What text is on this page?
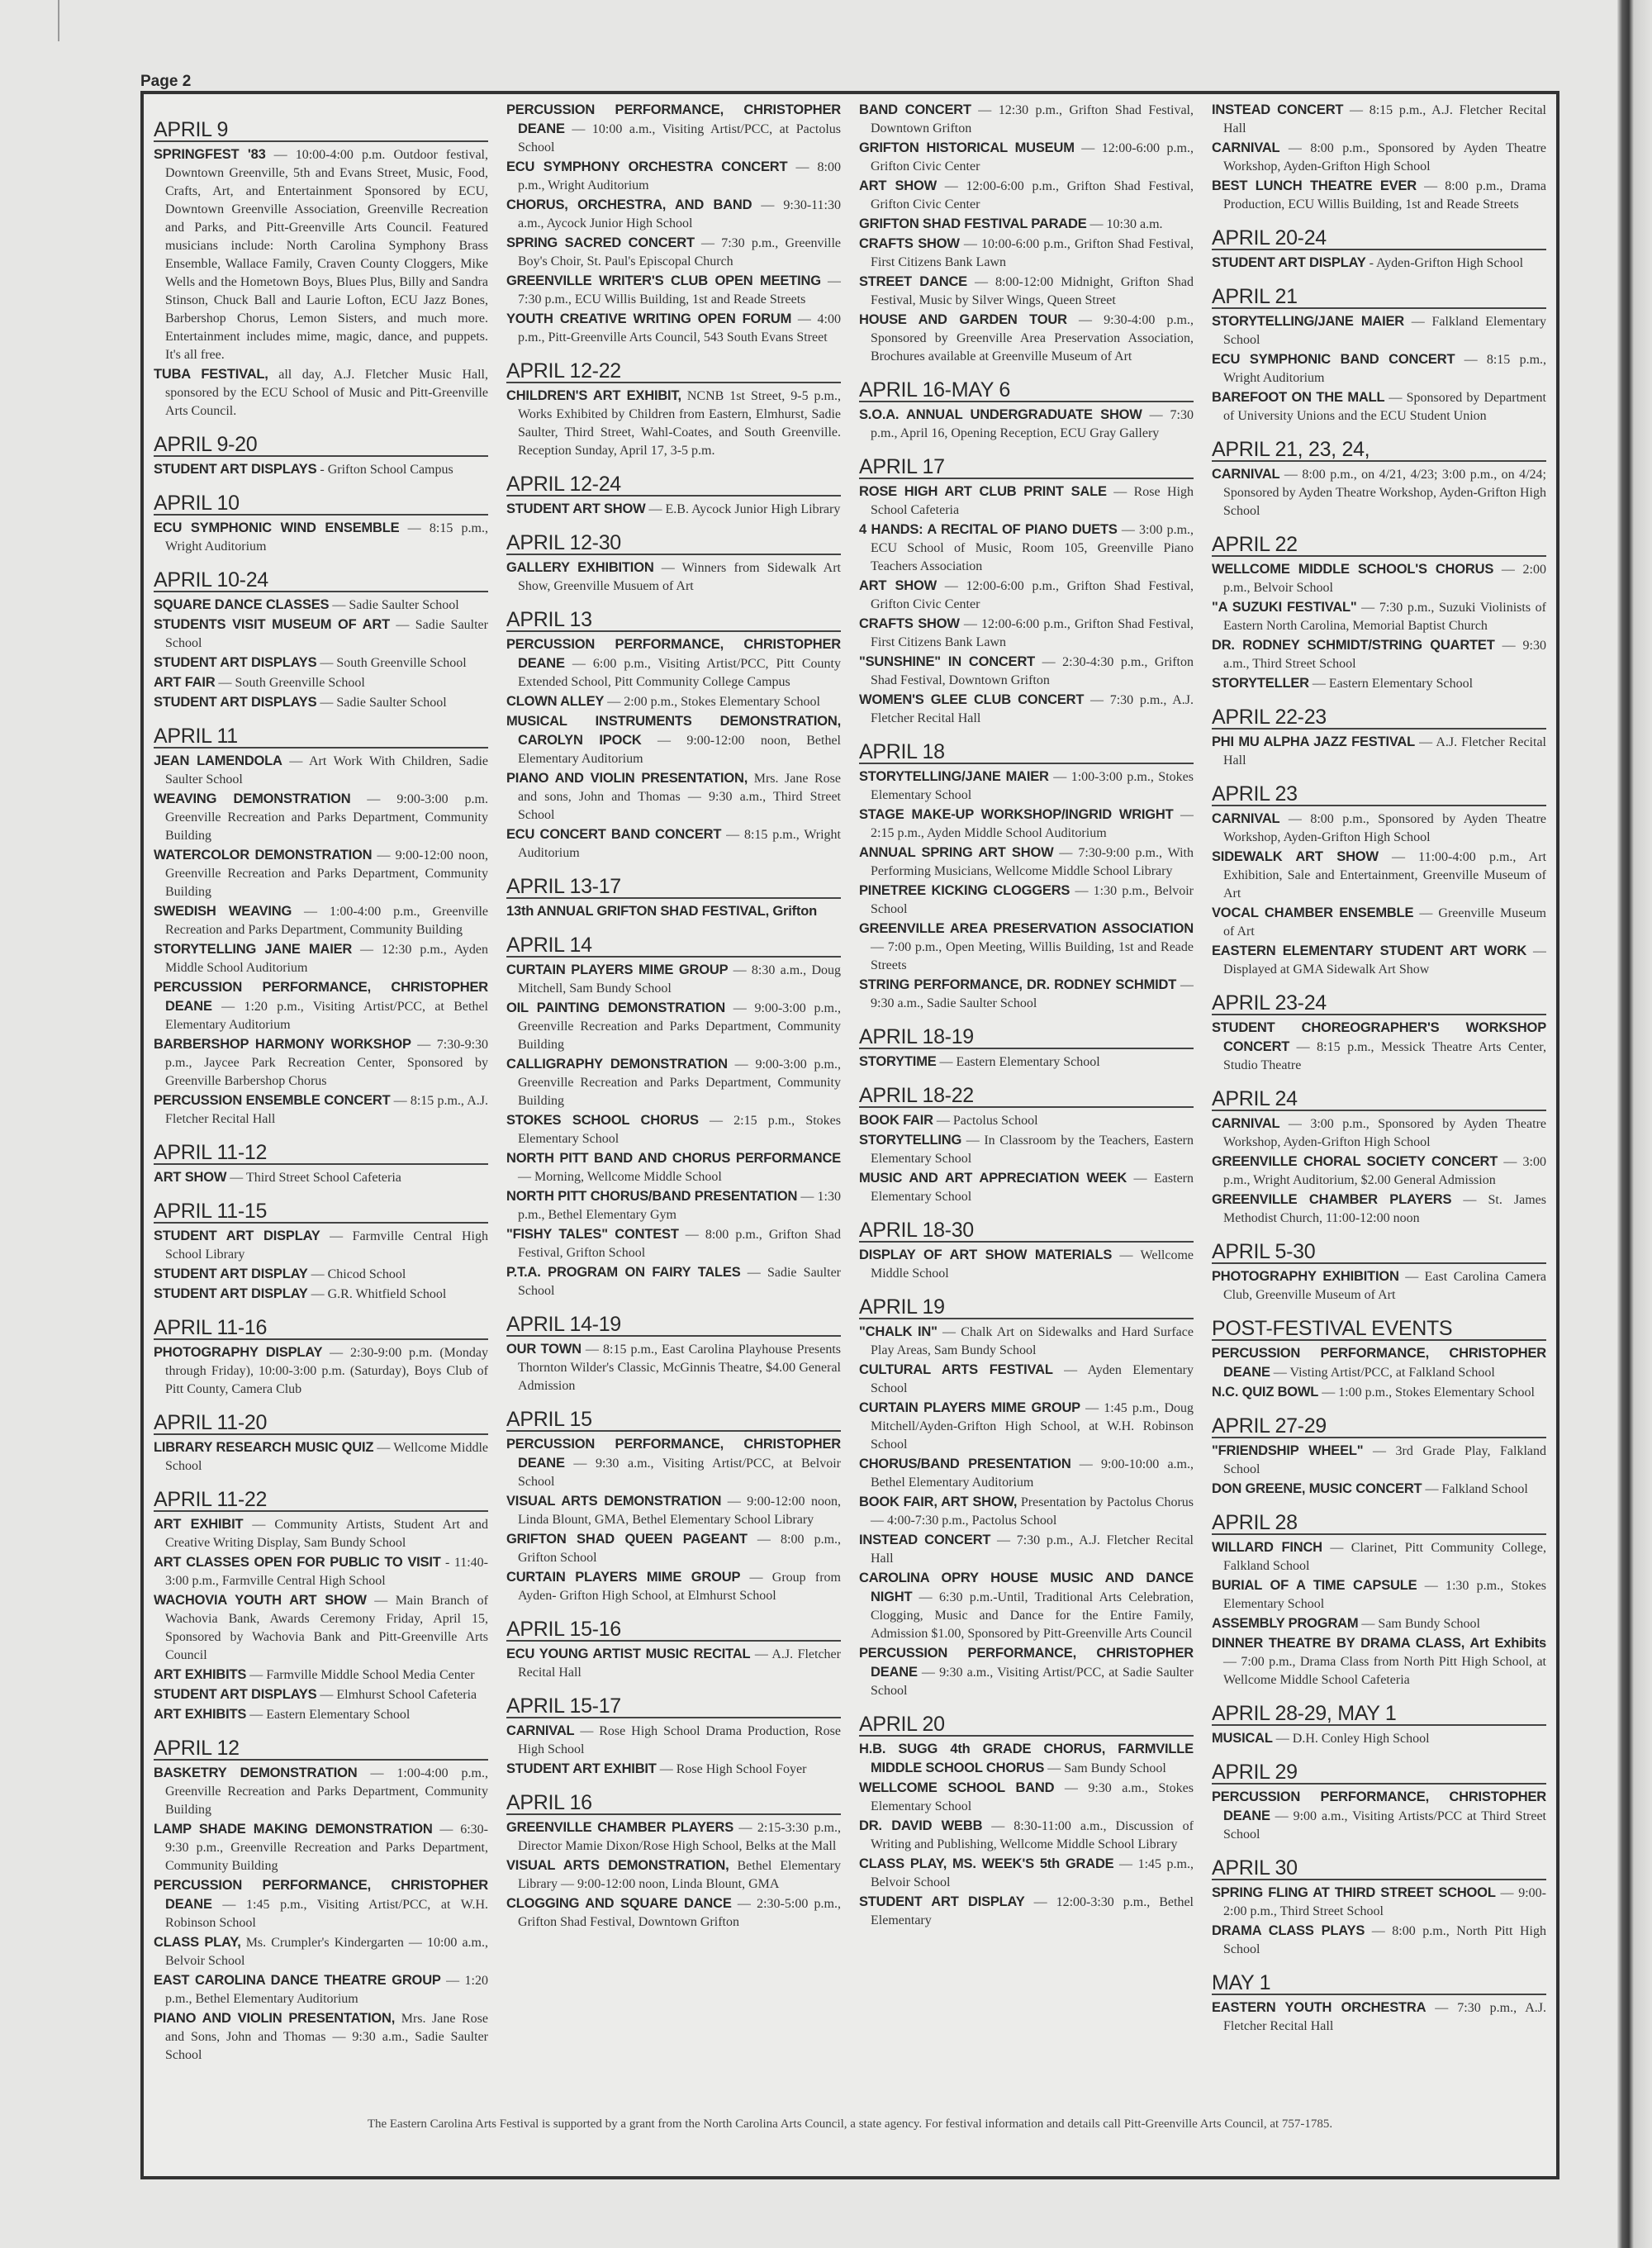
Page 2
APRIL 9

SPRINGFEST '83 — 10:00-4:00 p.m. Outdoor festival, Downtown Greenville, 5th and Evans Street, Music, Food, Crafts, Art, and Entertainment Sponsored by ECU, Downtown Greenville Association, Greenville Recreation and Parks, and Pitt-Greenville Arts Council. Featured musicians include: North Carolina Symphony Brass Ensemble, Wallace Family, Craven County Cloggers, Mike Wells and the Hometown Boys, Blues Plus, Billy and Sandra Stinson, Chuck Ball and Laurie Lofton, ECU Jazz Bones, Barbershop Chorus, Lemon Sisters, and much more. Entertainment includes mime, magic, dance, and puppets. It's all free.

TUBA FESTIVAL, all day, A.J. Fletcher Music Hall, sponsored by the ECU School of Music and Pitt-Greenville Arts Council.

APRIL 9-20

STUDENT ART DISPLAYS - Grifton School Campus

APRIL 10

ECU SYMPHONIC WIND ENSEMBLE — 8:15 p.m., Wright Auditorium

APRIL 10-24

SQUARE DANCE CLASSES — Sadie Saulter School

STUDENTS VISIT MUSEUM OF ART — Sadie Saulter School

STUDENT ART DISPLAYS — South Greenville School

ART FAIR — South Greenville School

STUDENT ART DISPLAYS — Sadie Saulter School

APRIL 11

JEAN LAMENDOLA — Art Work With Children, Sadie Saulter School

WEAVING DEMONSTRATION — 9:00-3:00 p.m. Greenville Recreation and Parks Department, Community Building

WATERCOLOR DEMONSTRATION — 9:00-12:00 noon, Greenville Recreation and Parks Department, Community Building

SWEDISH WEAVING — 1:00-4:00 p.m., Greenville Recreation and Parks Department, Community Building

STORYTELLING JANE MAIER — 12:30 p.m., Ayden Middle School Auditorium

PERCUSSION PERFORMANCE, CHRISTOPHER DEANE — 1:20 p.m., Visiting Artist/PCC, at Bethel Elementary Auditorium

BARBERSHOP HARMONY WORKSHOP — 7:30-9:30 p.m., Jaycee Park Recreation Center, Sponsored by Greenville Barbershop Chorus

PERCUSSION ENSEMBLE CONCERT — 8:15 p.m., A.J. Fletcher Recital Hall

APRIL 11-12

ART SHOW — Third Street School Cafeteria

APRIL 11-15

STUDENT ART DISPLAY — Farmville Central High School Library

STUDENT ART DISPLAY — Chicod School

STUDENT ART DISPLAY — G.R. Whitfield School

APRIL 11-16

PHOTOGRAPHY DISPLAY — 2:30-9:00 p.m. (Monday through Friday), 10:00-3:00 p.m. (Saturday), Boys Club of Pitt County, Camera Club

APRIL 11-20

LIBRARY RESEARCH MUSIC QUIZ — Wellcome Middle School

APRIL 11-22

ART EXHIBIT — Community Artists, Student Art and Creative Writing Display, Sam Bundy School

ART CLASSES OPEN FOR PUBLIC TO VISIT - 11:40-3:00 p.m., Farmville Central High School

WACHOVIA YOUTH ART SHOW — Main Branch of Wachovia Bank, Awards Ceremony Friday, April 15, Sponsored by Wachovia Bank and Pitt-Greenville Arts Council

ART EXHIBITS — Farmville Middle School Media Center

STUDENT ART DISPLAYS — Elmhurst School Cafeteria

ART EXHIBITS — Eastern Elementary School

APRIL 12

BASKETRY DEMONSTRATION — 1:00-4:00 p.m., Greenville Recreation and Parks Department, Community Building

LAMP SHADE MAKING DEMONSTRATION — 6:30-9:30 p.m., Greenville Recreation and Parks Department, Community Building

PERCUSSION PERFORMANCE, CHRISTOPHER DEANE — 1:45 p.m., Visiting Artist/PCC, at W.H. Robinson School

CLASS PLAY, Ms. Crumpler's Kindergarten — 10:00 a.m., Belvoir School

EAST CAROLINA DANCE THEATRE GROUP — 1:20 p.m., Bethel Elementary Auditorium

PIANO AND VIOLIN PRESENTATION, Mrs. Jane Rose and Sons, John and Thomas — 9:30 a.m., Sadie Saulter School

PERCUSSION PERFORMANCE, CHRISTOPHER DEANE — 10:00 a.m., Visiting Artist/PCC, at Pactolus School

ECU SYMPHONY ORCHESTRA CONCERT — 8:00 p.m., Wright Auditorium

CHORUS, ORCHESTRA, AND BAND — 9:30-11:30 a.m., Aycock Junior High School

SPRING SACRED CONCERT — 7:30 p.m., Greenville Boy's Choir, St. Paul's Episcopal Church

GREENVILLE WRITER'S CLUB OPEN MEETING — 7:30 p.m., ECU Willis Building, 1st and Reade Streets

YOUTH CREATIVE WRITING OPEN FORUM — 4:00 p.m., Pitt-Greenville Arts Council, 543 South Evans Street

APRIL 12-22

CHILDREN'S ART EXHIBIT, NCNB 1st Street, 9-5 p.m., Works Exhibited by Children from Eastern, Elmhurst, Sadie Saulter, Third Street, Wahl-Coates, and South Greenville. Reception Sunday, April 17, 3-5 p.m.

APRIL 12-24

STUDENT ART SHOW — E.B. Aycock Junior High Library

APRIL 12-30

GALLERY EXHIBITION — Winners from Sidewalk Art Show, Greenville Musuem of Art

APRIL 13

PERCUSSION PERFORMANCE, CHRISTOPHER DEANE — 6:00 p.m., Visiting Artist/PCC, Pitt County Extended School, Pitt Community College Campus

CLOWN ALLEY — 2:00 p.m., Stokes Elementary School

MUSICAL INSTRUMENTS DEMONSTRATION, CAROLYN IPOCK — 9:00-12:00 noon, Bethel Elementary Auditorium

PIANO AND VIOLIN PRESENTATION, Mrs. Jane Rose and sons, John and Thomas — 9:30 a.m., Third Street School

ECU CONCERT BAND CONCERT — 8:15 p.m., Wright Auditorium

APRIL 13-17

13th ANNUAL GRIFTON SHAD FESTIVAL, Grifton

APRIL 14

CURTAIN PLAYERS MIME GROUP — 8:30 a.m., Doug Mitchell, Sam Bundy School

OIL PAINTING DEMONSTRATION — 9:00-3:00 p.m., Greenville Recreation and Parks Department, Community Building

CALLIGRAPHY DEMONSTRATION — 9:00-3:00 p.m., Greenville Recreation and Parks Department, Community Building

STOKES SCHOOL CHORUS — 2:15 p.m., Stokes Elementary School

NORTH PITT BAND AND CHORUS PERFORMANCE — Morning, Wellcome Middle School

NORTH PITT CHORUS/BAND PRESENTATION — 1:30 p.m., Bethel Elementary Gym

"FISHY TALES" CONTEST — 8:00 p.m., Grifton Shad Festival, Grifton School

P.T.A. PROGRAM ON FAIRY TALES — Sadie Saulter School

APRIL 14-19

OUR TOWN — 8:15 p.m., East Carolina Playhouse Presents Thornton Wilder's Classic, McGinnis Theatre, $4.00 General Admission

APRIL 15

PERCUSSION PERFORMANCE, CHRISTOPHER DEANE — 9:30 a.m., Visiting Artist/PCC, at Belvoir School

VISUAL ARTS DEMONSTRATION — 9:00-12:00 noon, Linda Blount, GMA, Bethel Elementary School Library

GRIFTON SHAD QUEEN PAGEANT — 8:00 p.m., Grifton School

CURTAIN PLAYERS MIME GROUP — Group from Ayden- Grifton High School, at Elmhurst School

APRIL 15-16

ECU YOUNG ARTIST MUSIC RECITAL — A.J. Fletcher Recital Hall

APRIL 15-17

CARNIVAL — Rose High School Drama Production, Rose High School

STUDENT ART EXHIBIT — Rose High School Foyer

APRIL 16

GREENVILLE CHAMBER PLAYERS — 2:15-3:30 p.m., Director Mamie Dixon/Rose High School, Belks at the Mall

VISUAL ARTS DEMONSTRATION, Bethel Elementary Library — 9:00-12:00 noon, Linda Blount, GMA

CLOGGING AND SQUARE DANCE — 2:30-5:00 p.m., Grifton Shad Festival, Downtown Grifton

BAND CONCERT — 12:30 p.m., Grifton Shad Festival, Downtown Grifton

GRIFTON HISTORICAL MUSEUM — 12:00-6:00 p.m., Grifton Civic Center

ART SHOW — 12:00-6:00 p.m., Grifton Shad Festival, Grifton Civic Center

GRIFTON SHAD FESTIVAL PARADE — 10:30 a.m.

CRAFTS SHOW — 10:00-6:00 p.m., Grifton Shad Festival, First Citizens Bank Lawn

STREET DANCE — 8:00-12:00 Midnight, Grifton Shad Festival, Music by Silver Wings, Queen Street

HOUSE AND GARDEN TOUR — 9:30-4:00 p.m., Sponsored by Greenville Area Preservation Association, Brochures available at Greenville Museum of Art

APRIL 16-MAY 6

S.O.A. ANNUAL UNDERGRADUATE SHOW — 7:30 p.m., April 16, Opening Reception, ECU Gray Gallery

APRIL 17

ROSE HIGH ART CLUB PRINT SALE — Rose High School Cafeteria

4 HANDS: A RECITAL OF PIANO DUETS — 3:00 p.m., ECU School of Music, Room 105, Greenville Piano Teachers Association

ART SHOW — 12:00-6:00 p.m., Grifton Shad Festival, Grifton Civic Center

CRAFTS SHOW — 12:00-6:00 p.m., Grifton Shad Festival, First Citizens Bank Lawn

"SUNSHINE" IN CONCERT — 2:30-4:30 p.m., Grifton Shad Festival, Downtown Grifton

WOMEN'S GLEE CLUB CONCERT — 7:30 p.m., A.J. Fletcher Recital Hall

APRIL 18

STORYTELLING/JANE MAIER — 1:00-3:00 p.m., Stokes Elementary School

STAGE MAKE-UP WORKSHOP/INGRID WRIGHT — 2:15 p.m., Ayden Middle School Auditorium

ANNUAL SPRING ART SHOW — 7:30-9:00 p.m., With Performing Musicians, Wellcome Middle School Library

PINETREE KICKING CLOGGERS — 1:30 p.m., Belvoir School

GREENVILLE AREA PRESERVATION ASSOCIATION — 7:00 p.m., Open Meeting, Willis Building, 1st and Reade Streets

STRING PERFORMANCE, DR. RODNEY SCHMIDT — 9:30 a.m., Sadie Saulter School

APRIL 18-19

STORYTIME — Eastern Elementary School

APRIL 18-22

BOOK FAIR — Pactolus School

STORYTELLING — In Classroom by the Teachers, Eastern Elementary School

MUSIC AND ART APPRECIATION WEEK — Eastern Elementary School

APRIL 18-30

DISPLAY OF ART SHOW MATERIALS — Wellcome Middle School

APRIL 19

"CHALK IN" — Chalk Art on Sidewalks and Hard Surface Play Areas, Sam Bundy School

CULTURAL ARTS FESTIVAL — Ayden Elementary School

CURTAIN PLAYERS MIME GROUP — 1:45 p.m., Doug Mitchell/Ayden-Grifton High School, at W.H. Robinson School

CHORUS/BAND PRESENTATION — 9:00-10:00 a.m., Bethel Elementary Auditorium

BOOK FAIR, ART SHOW, Presentation by Pactolus Chorus — 4:00-7:30 p.m., Pactolus School

INSTEAD CONCERT — 7:30 p.m., A.J. Fletcher Recital Hall

CAROLINA OPRY HOUSE MUSIC AND DANCE NIGHT — 6:30 p.m.-Until, Traditional Arts Celebration, Clogging, Music and Dance for the Entire Family, Admission $1.00, Sponsored by Pitt-Greenville Arts Council

PERCUSSION PERFORMANCE, CHRISTOPHER DEANE — 9:30 a.m., Visiting Artist/PCC, at Sadie Saulter School

APRIL 20

H.B. SUGG 4th GRADE CHORUS, FARMVILLE MIDDLE SCHOOL CHORUS — Sam Bundy School

WELLCOME SCHOOL BAND — 9:30 a.m., Stokes Elementary School

DR. DAVID WEBB — 8:30-11:00 a.m., Discussion of Writing and Publishing, Wellcome Middle School Library

CLASS PLAY, MS. WEEK'S 5th GRADE — 1:45 p.m., Belvoir School

STUDENT ART DISPLAY — 12:00-3:30 p.m., Bethel Elementary

INSTEAD CONCERT — 8:15 p.m., A.J. Fletcher Recital Hall

CARNIVAL — 8:00 p.m., Sponsored by Ayden Theatre Workshop, Ayden-Grifton High School

BEST LUNCH THEATRE EVER — 8:00 p.m., Drama Production, ECU Willis Building, 1st and Reade Streets

APRIL 20-24

STUDENT ART DISPLAY - Ayden-Grifton High School

APRIL 21

STORYTELLING/JANE MAIER — Falkland Elementary School

ECU SYMPHONIC BAND CONCERT — 8:15 p.m., Wright Auditorium

BAREFOOT ON THE MALL — Sponsored by Department of University Unions and the ECU Student Union

APRIL 21, 23, 24,

CARNIVAL — 8:00 p.m., on 4/21, 4/23; 3:00 p.m., on 4/24; Sponsored by Ayden Theatre Workshop, Ayden-Grifton High School

APRIL 22

WELLCOME MIDDLE SCHOOL'S CHORUS — 2:00 p.m., Belvoir School

"A SUZUKI FESTIVAL" — 7:30 p.m., Suzuki Violinists of Eastern North Carolina, Memorial Baptist Church

DR. RODNEY SCHMIDT/STRING QUARTET — 9:30 a.m., Third Street School

STORYTELLER — Eastern Elementary School

APRIL 22-23

PHI MU ALPHA JAZZ FESTIVAL — A.J. Fletcher Recital Hall

APRIL 23

CARNIVAL — 8:00 p.m., Sponsored by Ayden Theatre Workshop, Ayden-Grifton High School

SIDEWALK ART SHOW — 11:00-4:00 p.m., Art Exhibition, Sale and Entertainment, Greenville Museum of Art

VOCAL CHAMBER ENSEMBLE — Greenville Museum of Art

EASTERN ELEMENTARY STUDENT ART WORK — Displayed at GMA Sidewalk Art Show

APRIL 23-24

STUDENT CHOREOGRAPHER'S WORKSHOP CONCERT — 8:15 p.m., Messick Theatre Arts Center, Studio Theatre

APRIL 24

CARNIVAL — 3:00 p.m., Sponsored by Ayden Theatre Workshop, Ayden-Grifton High School

GREENVILLE CHORAL SOCIETY CONCERT — 3:00 p.m., Wright Auditorium, $2.00 General Admission

GREENVILLE CHAMBER PLAYERS — St. James Methodist Church, 11:00-12:00 noon

APRIL 5-30

PHOTOGRAPHY EXHIBITION — East Carolina Camera Club, Greenville Museum of Art

POST-FESTIVAL EVENTS

PERCUSSION PERFORMANCE, CHRISTOPHER DEANE — Visting Artist/PCC, at Falkland School

N.C. QUIZ BOWL — 1:00 p.m., Stokes Elementary School

APRIL 27-29

"FRIENDSHIP WHEEL" — 3rd Grade Play, Falkland School

DON GREENE, MUSIC CONCERT — Falkland School

APRIL 28

WILLARD FINCH — Clarinet, Pitt Community College, Falkland School

BURIAL OF A TIME CAPSULE — 1:30 p.m., Stokes Elementary School

ASSEMBLY PROGRAM — Sam Bundy School

DINNER THEATRE BY DRAMA CLASS, Art Exhibits — 7:00 p.m., Drama Class from North Pitt High School, at Wellcome Middle School Cafeteria

APRIL 28-29, MAY 1

MUSICAL — D.H. Conley High School

APRIL 29

PERCUSSION PERFORMANCE, CHRISTOPHER DEANE — 9:00 a.m., Visiting Artists/PCC at Third Street School

APRIL 30

SPRING FLING AT THIRD STREET SCHOOL — 9:00-2:00 p.m., Third Street School

DRAMA CLASS PLAYS — 8:00 p.m., North Pitt High School

MAY 1

EASTERN YOUTH ORCHESTRA — 7:30 p.m., A.J. Fletcher Recital Hall

The Eastern Carolina Arts Festival is supported by a grant from the North Carolina Arts Council, a state agency. For festival information and details call Pitt-Greenville Arts Council, at 757-1785.
